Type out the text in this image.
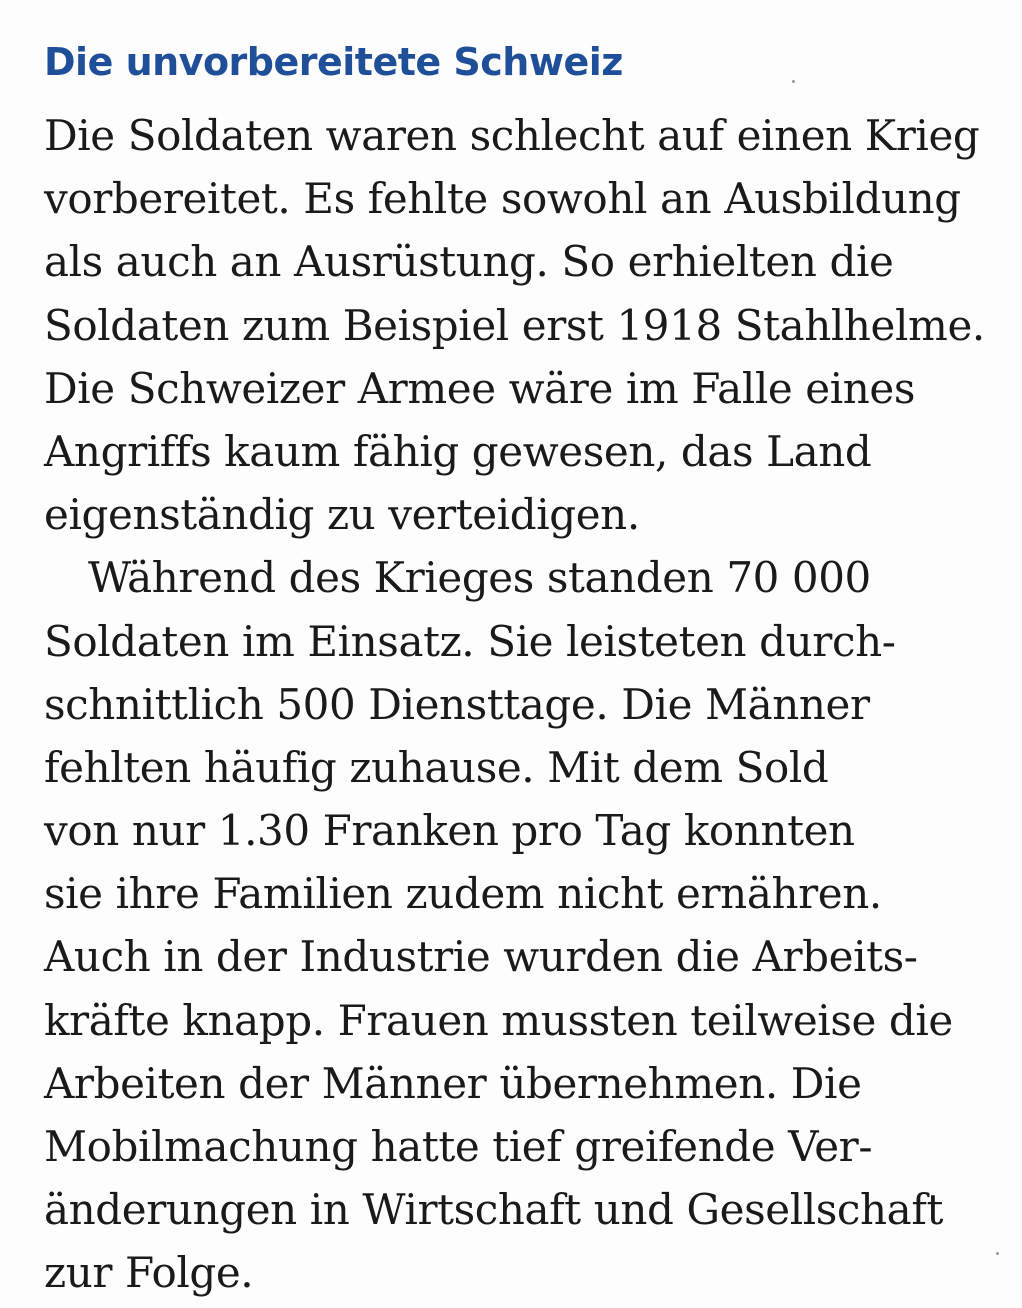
Die unvorbereitete Schweiz
Die Soldaten waren schlecht auf einen Krieg
vorbereitet. Es fehlte sowohl an Ausbildung
als auch an Ausrüstung. So erhielten die
Soldaten zum Beispiel erst 1918 Stahlhelme.
Die Schweizer Armee wäre im Falle eines
Angriffs kaum fähig gewesen, das Land
eigenständig zu verteidigen.
Während des Krieges standen 70 000
Soldaten im Einsatz. Sie leisteten durch-
schnittlich 500 Diensttage. Die Männer
fehlten häufig zuhause. Mit dem Sold
von nur 1.30 Franken pro Tag konnten
sie ihre Familien zudem nicht ernähren.
Auch in der Industrie wurden die Arbeits-
kräfte knapp. Frauen mussten teilweise die
Arbeiten der Männer übernehmen. Die
Mobilmachung hatte tief greifende Ver-
änderungen in Wirtschaft und Gesellschaft
zur Folge.
